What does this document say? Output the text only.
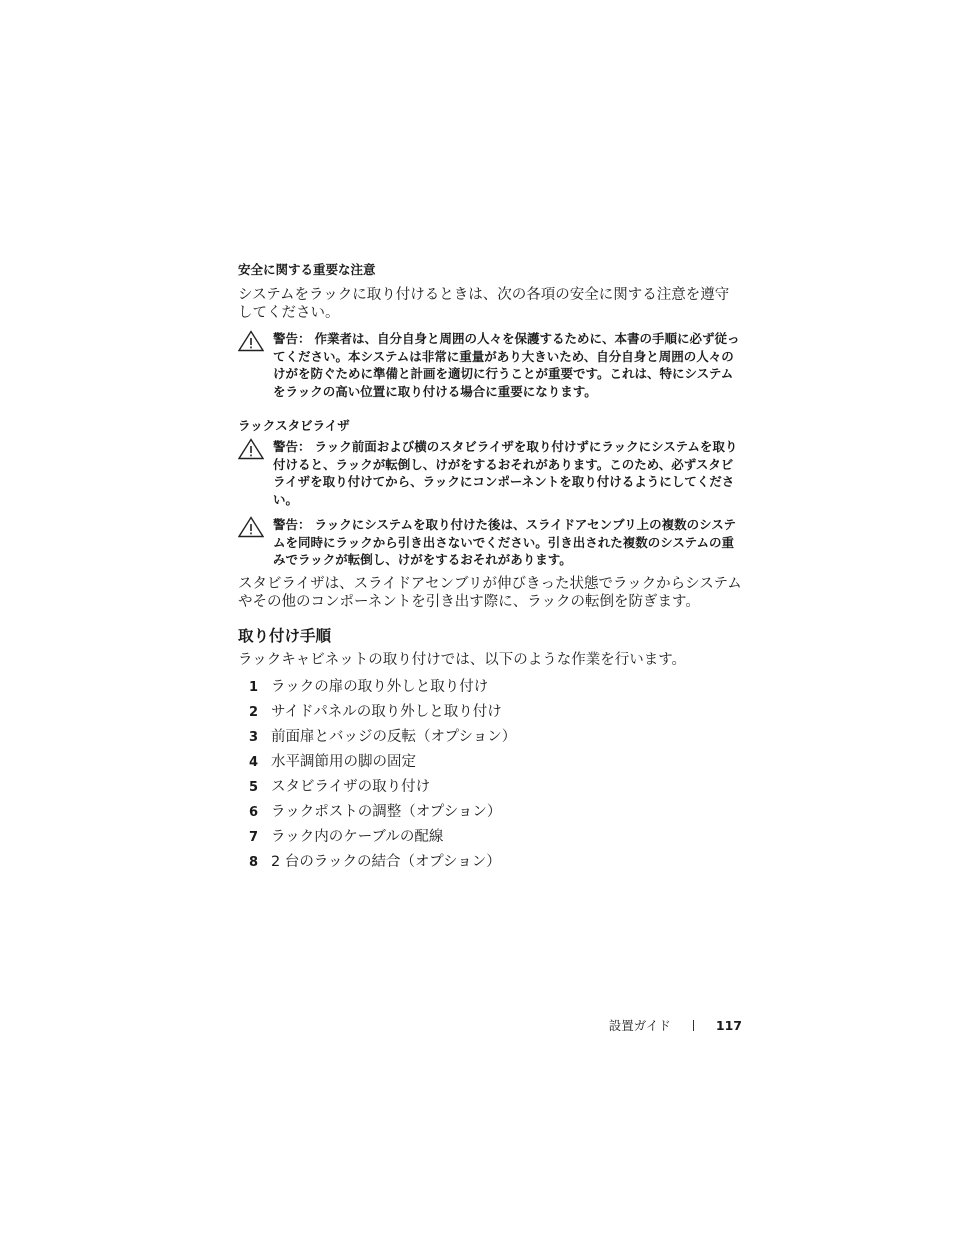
安全に関する重要な注意

システムをラックに取り付けるときは、次の各項の安全に関する注意を遵守してください。

警告： 作業者は、自分自身と周囲の人々を保護するために、本書の手順に必ず従ってください。本システムは非常に重量があり大きいため、自分自身と周囲の人々のけがを防ぐために準備と計画を適切に行うことが重要です。これは、特にシステムをラックの高い位置に取り付ける場合に重要になります。
ラックスタビライザ
警告： ラック前面および横のスタビライザを取り付けずにラックにシステムを取り付けると、ラックが転倒し、けがをするおそれがあります。このため、必ずスタビライザを取り付けてから、ラックにコンポーネントを取り付けるようにしてください。
警告： ラックにシステムを取り付けた後は、スライドアセンブリ上の複数のシステムを同時にラックから引き出さないでください。引き出された複数のシステムの重みでラックが転倒し、けがをするおそれがあります。

スタビライザは、スライドアセンブリが伸びきった状態でラックからシステムやその他のコンポーネントを引き出す際に、ラックの転倒を防ぎます。

取り付け手順

ラックキャビネットの取り付けでは、以下のような作業を行います。

1 ラックの扉の取り外しと取り付け
2 サイドパネルの取り外しと取り付け
3 前面扉とバッジの反転（オプション）
4 水平調節用の脚の固定
5 スタビライザの取り付け
6 ラックポストの調整（オプション）
7 ラック内のケーブルの配線
8 2 台のラックの結合（オプション）
設置ガイド	117
